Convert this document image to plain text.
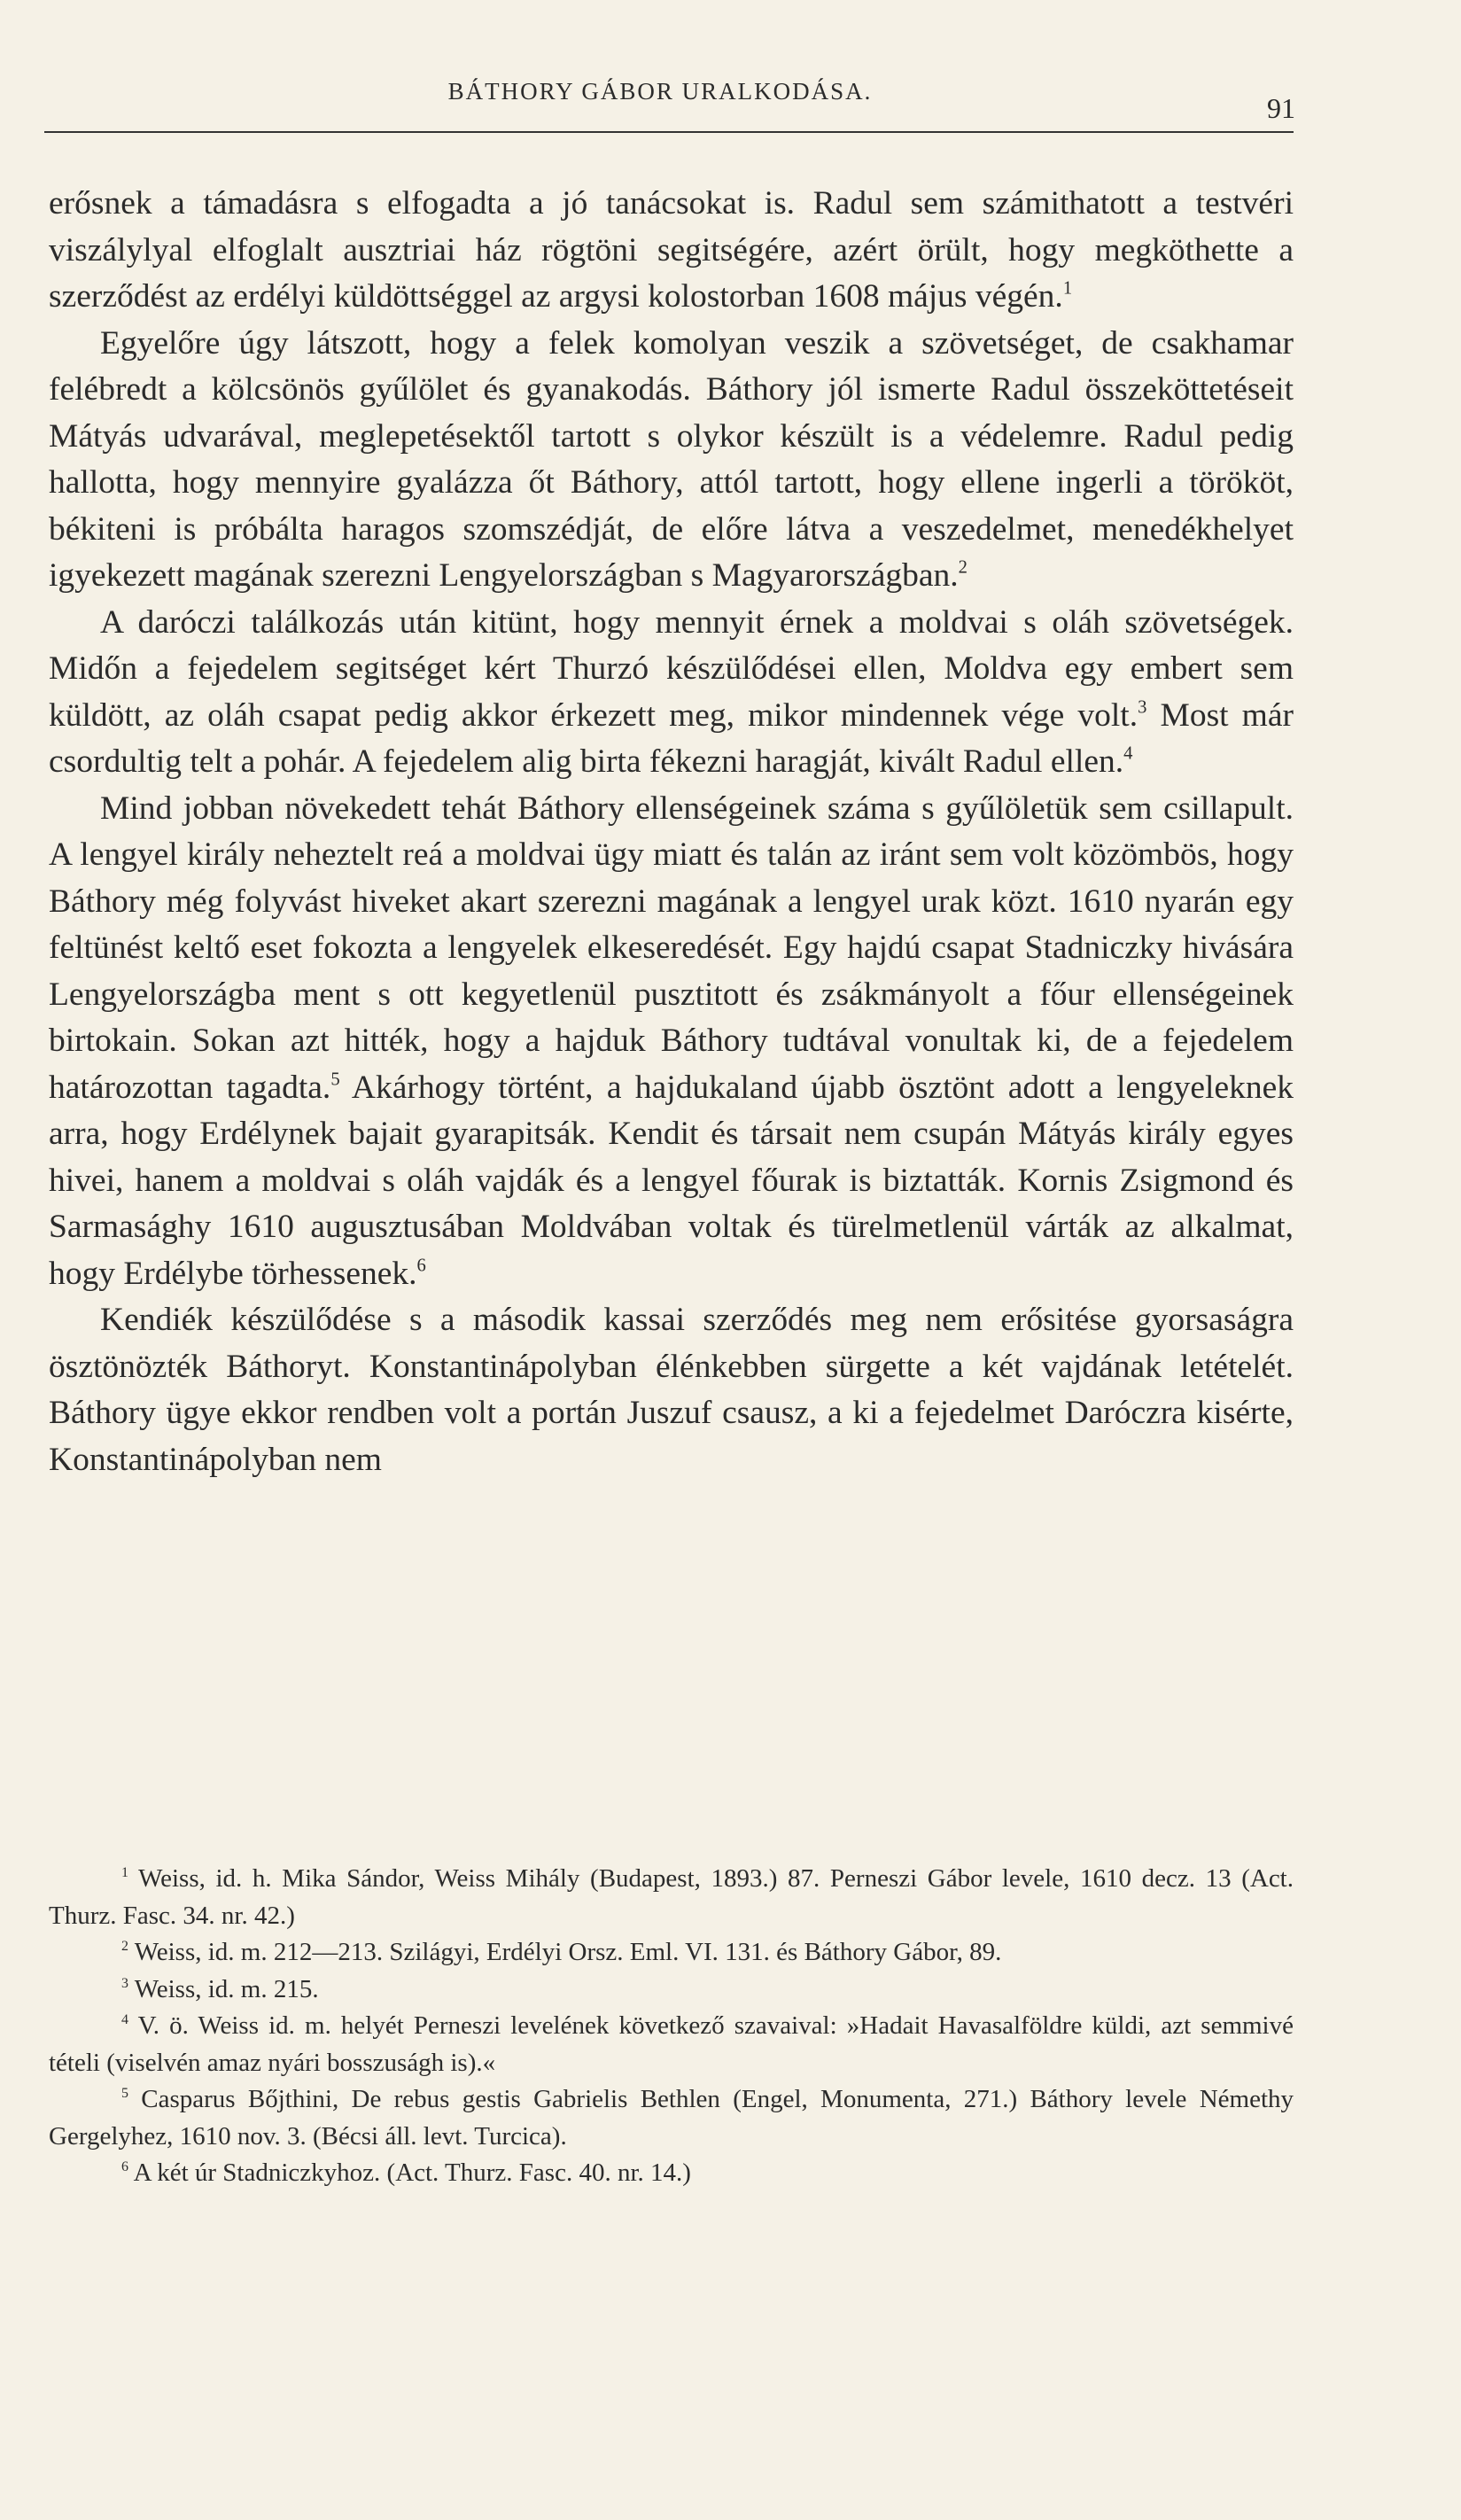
BÁTHORY GÁBOR URALKODÁSA.
91

erősnek a támadásra s elfogadta a jó tanácsokat is. Radul sem számithatott a testvéri viszálylyal elfoglalt ausztriai ház rögtöni segitségére, azért örült, hogy megköthette a szerződést az erdélyi küldöttséggel az argysi kolostorban 1608 május végén.$^1$

Egyelőre úgy látszott, hogy a felek komolyan veszik a szövetséget, de csakhamar felébredt a kölcsönös gyűlölet és gyanakodás. Báthory jól ismerte Radul összeköttetéseit Mátyás udvarával, meglepetésektől tartott s olykor készült is a védelemre. Radul pedig hallotta, hogy mennyire gyalázza őt Báthory, attól tartott, hogy ellene ingerli a törököt, békiteni is próbálta haragos szomszédját, de előre látva a veszedelmet, menedékhelyet igyekezett magának szerezni Lengyelországban s Magyarországban.$^2$

A daróczi találkozás után kitünt, hogy mennyit érnek a moldvai s oláh szövetségek. Midőn a fejedelem segitséget kért Thurzó készülődései ellen, Moldva egy embert sem küldött, az oláh csapat pedig akkor érkezett meg, mikor mindennek vége volt.$^3$ Most már csordultig telt a pohár. A fejedelem alig birta fékezni haragját, kivált Radul ellen.$^4$

Mind jobban növekedett tehát Báthory ellenségeinek száma s gyűlöletük sem csillapult. A lengyel király neheztelt reá a moldvai ügy miatt és talán az iránt sem volt közömbös, hogy Báthory még folyvást hiveket akart szerezni magának a lengyel urak közt. 1610 nyarán egy feltünést keltő eset fokozta a lengyelek elkeseredését. Egy hajdú csapat Stadniczky hivására Lengyelországba ment s ott kegyetlenül pusztitott és zsákmányolt a főur ellenségeinek birtokain. Sokan azt hitték, hogy a hajduk Báthory tudtával vonultak ki, de a fejedelem határozottan tagadta.$^5$ Akárhogy történt, a hajdukaland újabb ösztönt adott a lengyeleknek arra, hogy Erdélynek bajait gyarapitsák. Kendit és társait nem csupán Mátyás király egyes hivei, hanem a moldvai s oláh vajdák és a lengyel főurak is biztatták. Kornis Zsigmond és Sarmasághy 1610 augusztusában Moldvában voltak és türelmetlenül várták az alkalmat, hogy Erdélybe törhessenek.$^6$

Kendiék készülődése s a második kassai szerződés meg nem erősitése gyorsaságra ösztönözték Báthoryt. Konstantinápolyban élénkebben sürgette a két vajdának letételét. Báthory ügye ekkor rendben volt a portán Juszuf csausz, a ki a fejedelmet Daróczra kisérte, Konstantinápolyban nem

$^1$ Weiss, id. h. Mika Sándor, Weiss Mihály (Budapest, 1893.) 87. Perneszi Gábor levele, 1610 decz. 13 (Act. Thurz. Fasc. 34. nr. 42.)

$^2$ Weiss, id. m. 212—213. Szilágyi, Erdélyi Orsz. Eml. VI. 131. és Báthory Gábor, 89.

$^3$ Weiss, id. m. 215.

$^4$ V. ö. Weiss id. m. helyét Perneszi levelének következő szavaival: »Hadait Havasalföldre küldi, azt semmivé tételi (viselvén amaz nyári bosszuságh is).«

$^5$ Casparus Bőjthini, De rebus gestis Gabrielis Bethlen (Engel, Monumenta, 271.) Báthory levele Némethy Gergelyhez, 1610 nov. 3. (Bécsi áll. levt. Turcica).

$^6$ A két úr Stadniczkyhoz. (Act. Thurz. Fasc. 40. nr. 14.)
